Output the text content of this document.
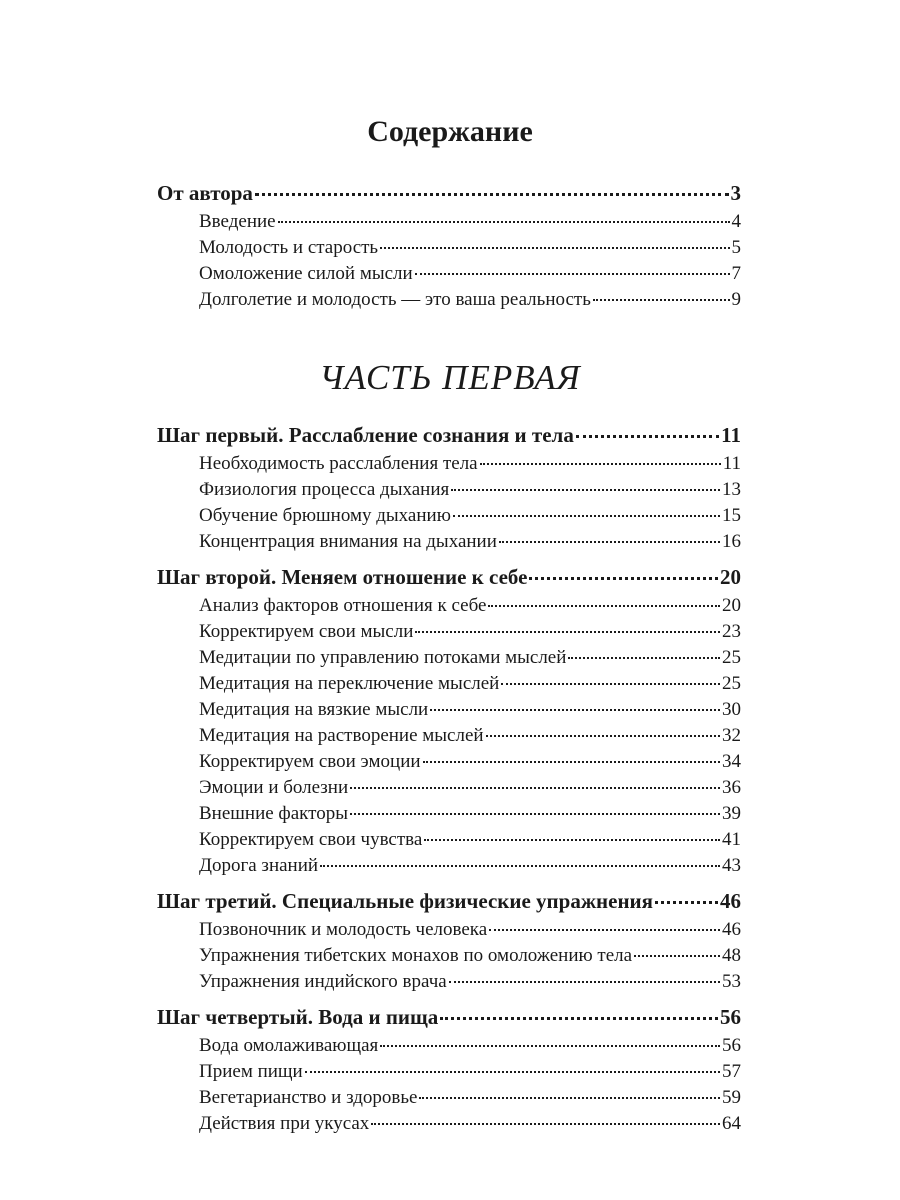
Содержание
От автора	3
Введение	4
Молодость и старость	5
Омоложение силой мысли	7
Долголетие и молодость — это ваша реальность	9
ЧАСТЬ ПЕРВАЯ
Шаг первый. Расслабление сознания и тела	11
Необходимость расслабления тела	11
Физиология процесса дыхания	13
Обучение брюшному дыханию	15
Концентрация внимания на дыхании	16
Шаг второй. Меняем отношение к себе	20
Анализ факторов отношения к себе	20
Корректируем свои мысли	23
Медитации по управлению потоками мыслей	25
Медитация на переключение мыслей	25
Медитация на вязкие мысли	30
Медитация на растворение мыслей	32
Корректируем свои эмоции	34
Эмоции и болезни	36
Внешние факторы	39
Корректируем свои чувства	41
Дорога знаний	43
Шаг третий. Специальные физические упражнения	46
Позвоночник и молодость человека	46
Упражнения тибетских монахов по омоложению тела	48
Упражнения индийского врача	53
Шаг четвертый. Вода и пища	56
Вода омолаживающая	56
Прием пищи	57
Вегетарианство и здоровье	59
Действия при укусах	64
